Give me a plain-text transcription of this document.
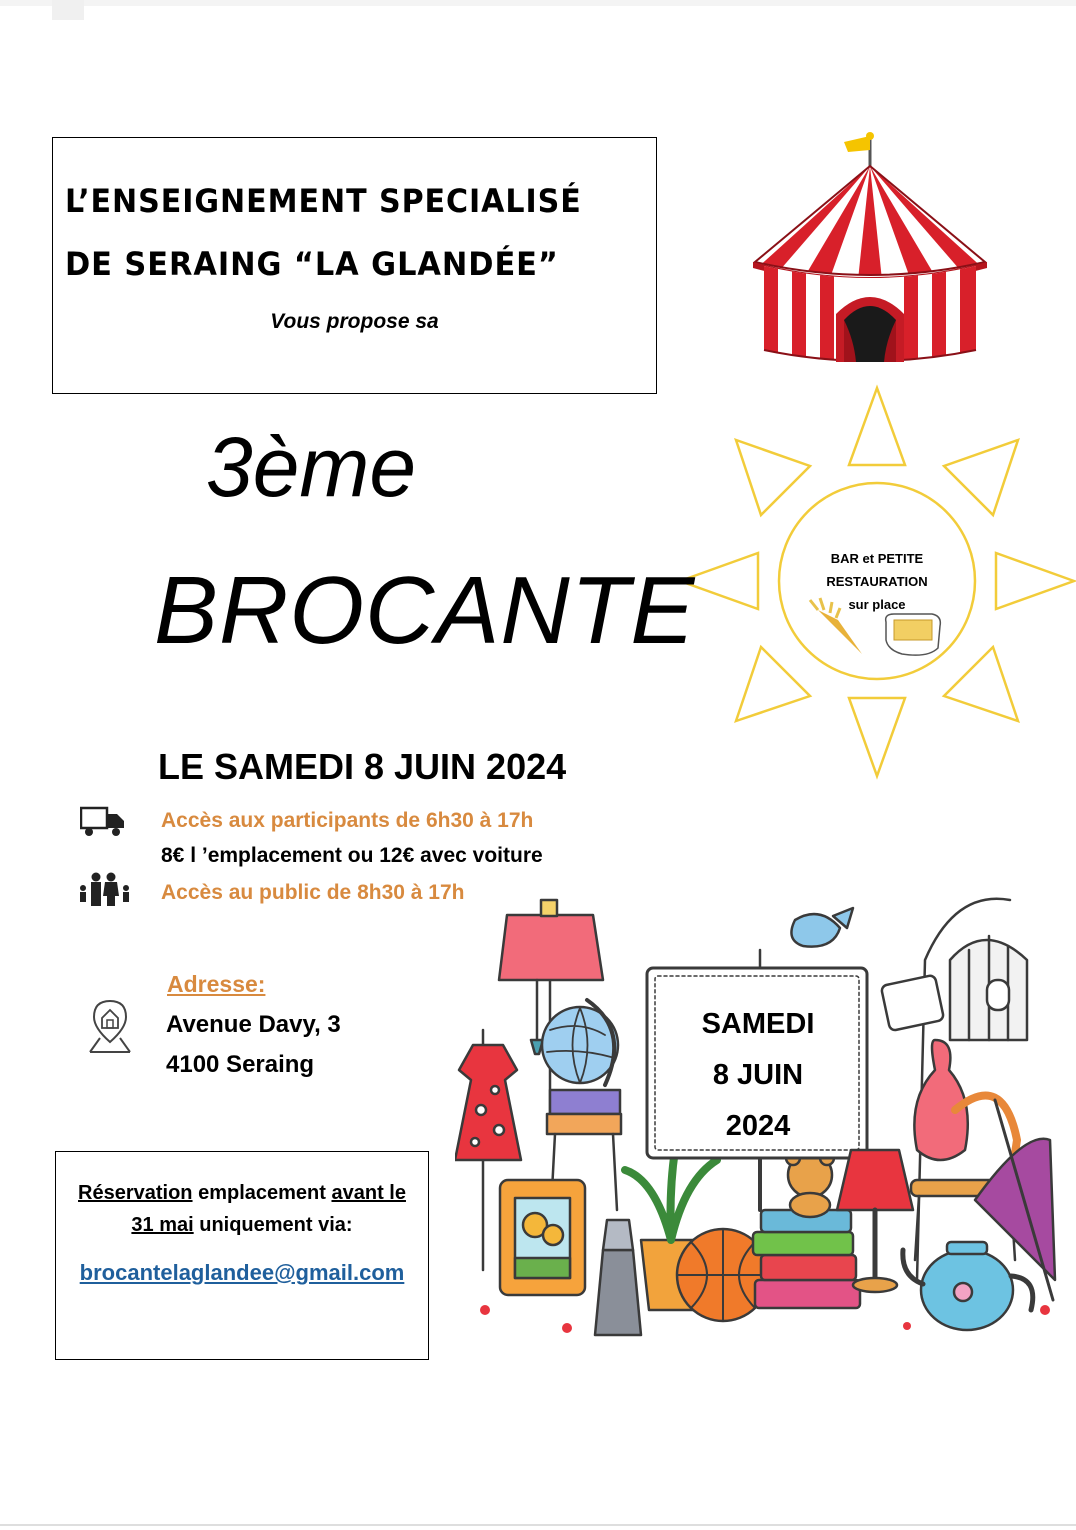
L’ENSEIGNEMENT SPECIALISÉ
DE SERAING “LA GLANDÉE”
Vous propose sa
BAR et PETITE
RESTAURATION
sur place
3ème
BROCANTE
LE SAMEDI 8 JUIN 2024
Accès aux participants de 6h30 à 17h
8€ l ’emplacement ou 12€ avec voiture
Accès au public de 8h30 à 17h
Adresse:
Avenue Davy, 3
4100 Seraing
Réservation emplacement avant le
31 mai uniquement via:
brocantelaglandee@gmail.com
SAMEDI
8 JUIN
2024
